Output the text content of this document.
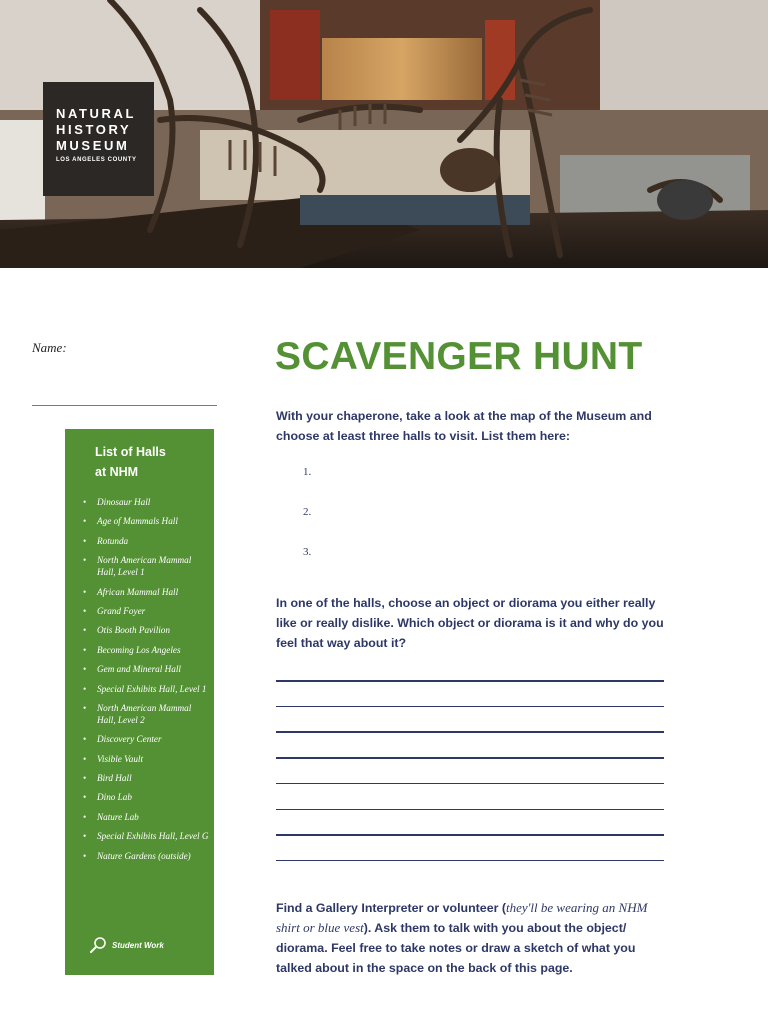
NATURAL
HISTORY
MUSEUM
LOS ANGELES COUNTY
Name:
List of Halls
at NHM
• Dinosaur Hall
• Age of Mammals Hall
• Rotunda
• North American Mammal Hall, Level 1
• African Mammal Hall
• Grand Foyer
• Otis Booth Pavilion
• Becoming Los Angeles
• Gem and Mineral Hall
• Special Exhibits Hall, Level 1
• North American Mammal Hall, Level 2
• Discovery Center
• Visible Vault
• Bird Hall
• Dino Lab
• Nature Lab
• Special Exhibits Hall, Level G
• Nature Gardens (outside)
Student Work
SCAVENGER HUNT
With your chaperone, take a look at the map of the Museum and choose at least three halls to visit. List them here:
1.
2.
3.
In one of the halls, choose an object or diorama you either really like or really dislike. Which object or diorama is it and why do you feel that way about it?
Find a Gallery Interpreter or volunteer (they'll be wearing an NHM shirt or blue vest). Ask them to talk with you about the object/ diorama. Feel free to take notes or draw a sketch of what you talked about in the space on the back of this page.
